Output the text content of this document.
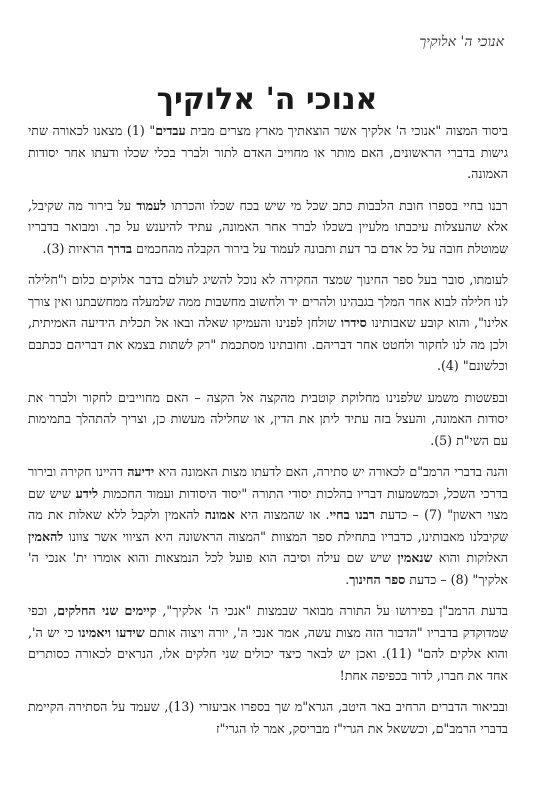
אנוכי ה' אלוקיך
אנוכי ה' אלוקיך

ביסוד המצוה "אנוכי ה' אלקיך אשר הוצאתיך מארץ מצרים מבית עבדים" (1) מצאנו לכאורה שתי גישות בדברי הראשונים, האם מותר או מחוייב האדם לתור ולברר בכלי שכלו ודעתו אחר יסודות האמונה.

רבנו בחיי בספרו חובת הלבבות כתב שכל מי שיש בכח שכלו והכרתו לעמוד על בירור מה שקיבל, אלא שהעצלות עיכבתו מלעיין בשכלו לברר אחר האמונה, עתיד להיענש על כך. ומבואר בדבריו שמוטלת חובה על כל אדם בר דעת ותבונה לעמוד על בירור הקבלה מהחכמים בדרך הראיות (3).

לעומתו, סובר בעל ספר החינוך שמצד החקירה לא נוכל להשיג לעולם בדבר אלוקים כלום ו"חלילה לנו חלילה לבוא אחר המלך בגבהינו ולהרים יד ולחשוב מחשבות ממה שלמעלה ממחשבתנו ואין צורך אלינו", והוא קובע שאבותינו סידרו שולחן לפנינו והעמיקו שאלה ובאו אל תכלית הידיעה האמיתית, ולכן מה לנו לחקור ולחטט אחר דבריהם. וחובתינו מסתכמת "רק לשתות בצמא את דבריהם ככתבם וכלשונם" (4).

ובפשטות משמע שלפנינו מחלוקת קוטבית מהקצה אל הקצה – האם מחוייבים לחקור ולברר את יסודות האמונה, והעצל בזה עתיד ליתן את הדין, או שחלילה מעשות כן, וצריך להתהלך בתמימות עם השי"ת (5).

והנה בדברי הרמב"ם לכאורה יש סתירה, האם לדעתו מצות האמונה היא ידיעה דהיינו חקירה ובירור בדרכי השכל, וכמשמעות דבריו בהלכות יסודי התורה "יסוד היסודות ועמוד החכמות לידע שיש שם מצוי ראשון" (7) – כדעת רבנו בחיי. או שהמצוה היא אמונה להאמין ולקבל ללא שאלות את מה שקיבלנו מאבותינו, כדבריו בתחילת ספר המצוות "המצוה הראשונה היא הציווי אשר צוונו להאמין האלוקות והוא שנאמין שיש שם עילה וסיבה הוא פועל לכל הנמצאות והוא אומרו ית' אנכי ה' אלקיך" (8) – כדעת ספר החינוך.

בדעת הרמב"ן בפירושו על התורה מבואר שבמצות "אנכי ה' אלקיך", קיימים שני החלקים, וכפי שמדוקדק בדבריו "הדבור הזה מצות עשה, אמר אנכי ה', יורה ויצוה אותם שידעו ויאמינו כי יש ה', והוא אלקים להם" (11). ואכן יש לבאר כיצד יכולים שני חלקים אלו, הנראים לכאורה כסותרים אחד את חברו, לדור בכפיפה אחת!

ובביאור הדברים הרחיב באר היטב, הגרא"מ שך בספרו אביעזרי (13), שעמד על הסתירה הקיימת בדברי הרמב"ם, וכששאל את הגרי"ז מבריסק, אמר לו הגרי"ז
